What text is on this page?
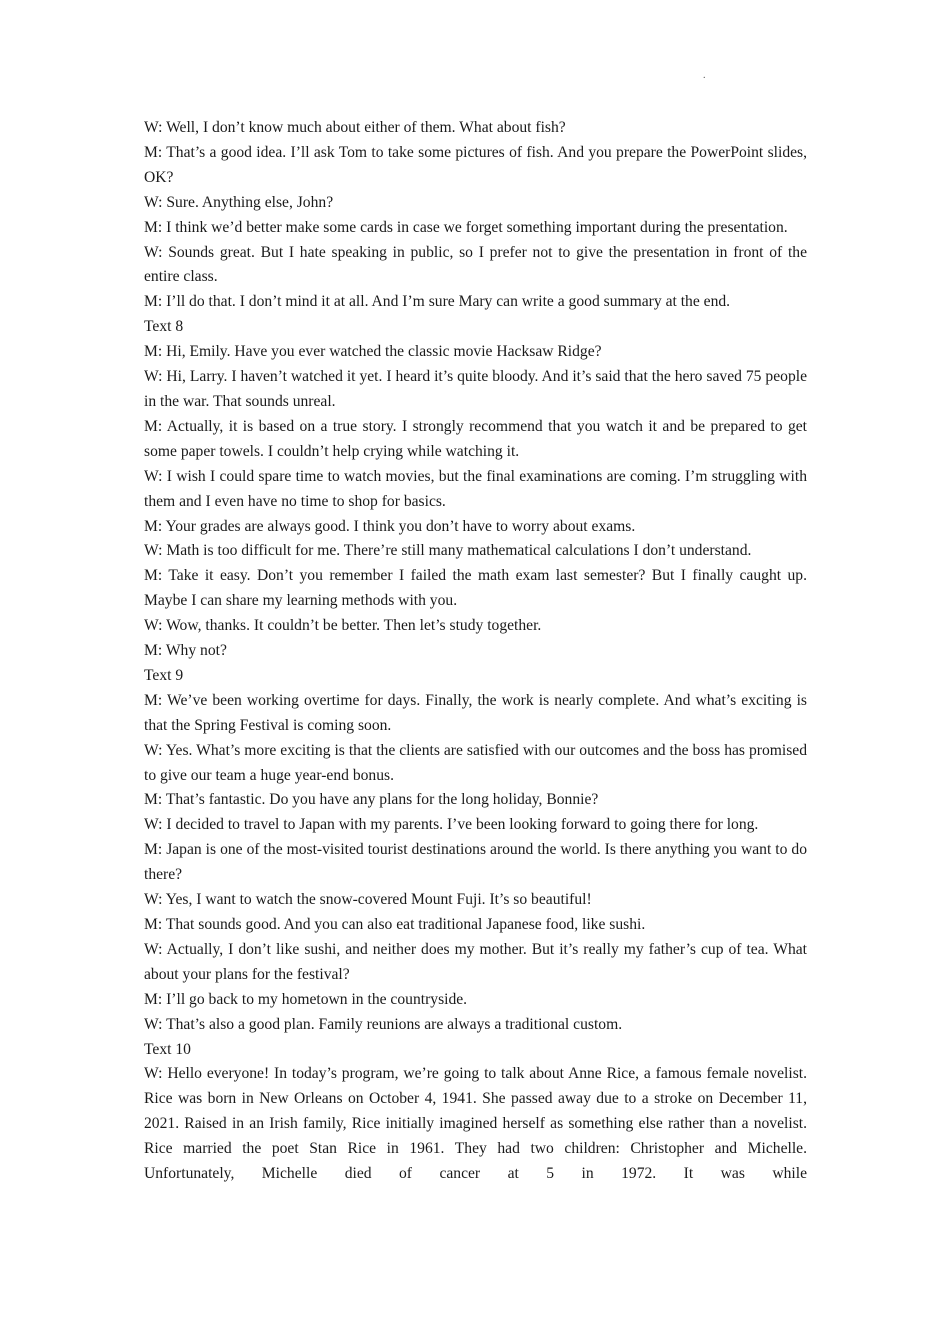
.

W: Well, I don’t know much about either of them. What about fish?

M: That’s a good idea. I’ll ask Tom to take some pictures of fish. And you prepare the PowerPoint slides, OK?

W: Sure. Anything else, John?

M: I think we’d better make some cards in case we forget something important during the presentation.

W: Sounds great. But I hate speaking in public, so I prefer not to give the presentation in front of the entire class.

M: I’ll do that. I don’t mind it at all. And I’m sure Mary can write a good summary at the end.

Text 8

M: Hi, Emily. Have you ever watched the classic movie Hacksaw Ridge?

W: Hi, Larry. I haven’t watched it yet. I heard it’s quite bloody. And it’s said that the hero saved 75 people in the war. That sounds unreal.

M: Actually, it is based on a true story. I strongly recommend that you watch it and be prepared to get some paper towels. I couldn’t help crying while watching it.

W: I wish I could spare time to watch movies, but the final examinations are coming. I’m struggling with them and I even have no time to shop for basics.

M: Your grades are always good. I think you don’t have to worry about exams.

W: Math is too difficult for me. There’re still many mathematical calculations I don’t understand.

M: Take it easy. Don’t you remember I failed the math exam last semester? But I finally caught up. Maybe I can share my learning methods with you.

W: Wow, thanks. It couldn’t be better. Then let’s study together.

M: Why not?

Text 9

M: We’ve been working overtime for days. Finally, the work is nearly complete. And what’s exciting is that the Spring Festival is coming soon.

W: Yes. What’s more exciting is that the clients are satisfied with our outcomes and the boss has promised to give our team a huge year-end bonus.

M: That’s fantastic. Do you have any plans for the long holiday, Bonnie?

W: I decided to travel to Japan with my parents. I’ve been looking forward to going there for long.

M: Japan is one of the most-visited tourist destinations around the world. Is there anything you want to do there?

W: Yes, I want to watch the snow-covered Mount Fuji. It’s so beautiful!

M: That sounds good. And you can also eat traditional Japanese food, like sushi.

W: Actually, I don’t like sushi, and neither does my mother. But it’s really my father’s cup of tea. What about your plans for the festival?

M: I’ll go back to my hometown in the countryside.

W: That’s also a good plan. Family reunions are always a traditional custom.

Text 10

W: Hello everyone! In today’s program, we’re going to talk about Anne Rice, a famous female novelist. Rice was born in New Orleans on October 4, 1941. She passed away due to a stroke on December 11, 2021. Raised in an Irish family, Rice initially imagined herself as something else rather than a novelist. Rice married the poet Stan Rice in 1961. They had two children: Christopher and Michelle. Unfortunately, Michelle died of cancer at 5 in 1972. It was while
